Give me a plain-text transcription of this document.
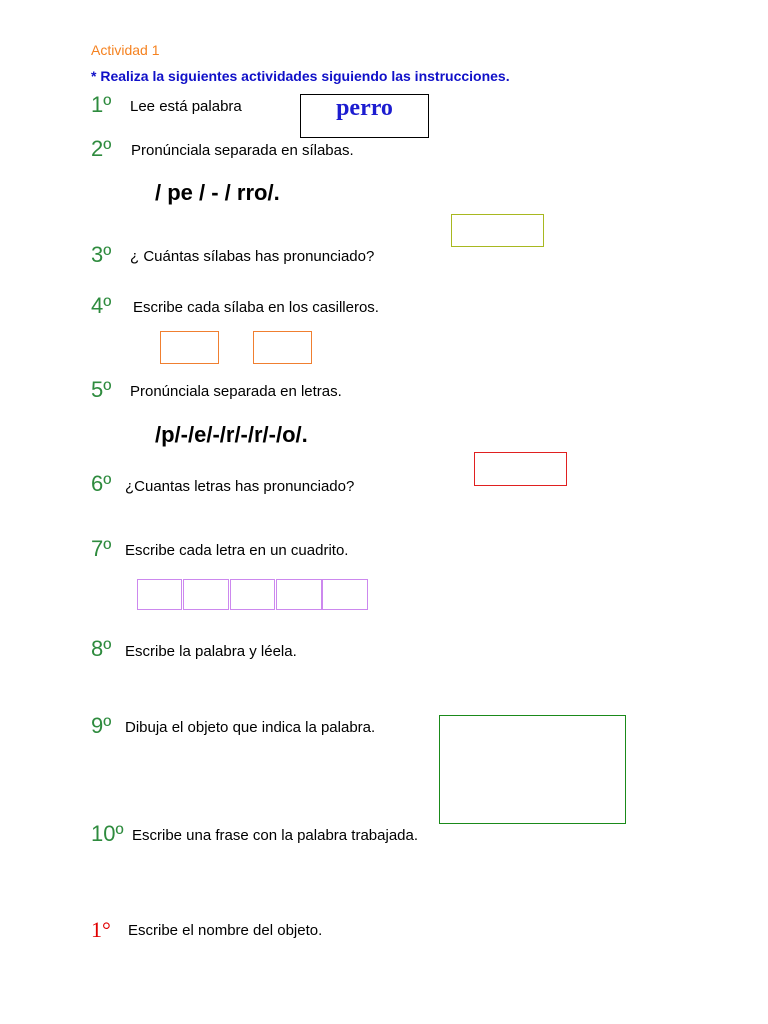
Actividad 1
* Realiza la siguientes actividades siguiendo las instrucciones.
1º Lee está palabra	perro
2º Pronúnciala separada en sílabas.
/ pe / - / rro/.
3º ¿ Cuántas sílabas has pronunciado?
4º Escribe cada sílaba en los casilleros.
5º Pronúnciala separada en letras.
/p/-/e/-/r/-/r/-/o/.
6º ¿Cuantas letras has pronunciado?
7º Escribe cada letra en un cuadrito.
8º Escribe la palabra y léela.
9º Dibuja el objeto que indica la palabra.
10º Escribe una frase con la palabra trabajada.
1° Escribe el nombre del objeto.
